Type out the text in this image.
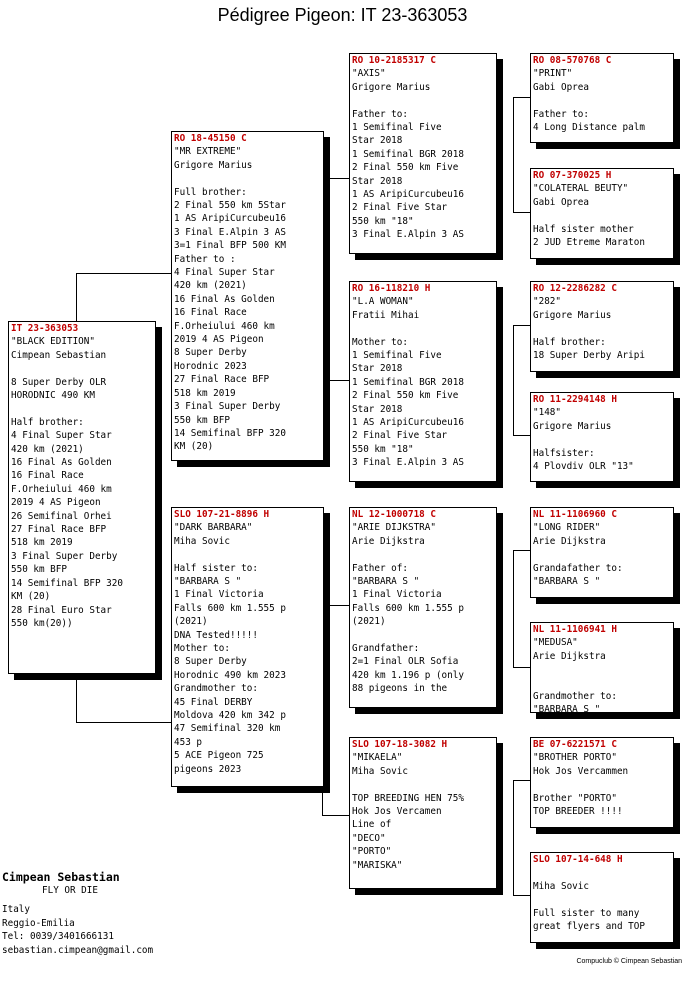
Pédigree Pigeon: IT 23-363053
IT 23-363053
"BLACK EDITION"
Cimpean Sebastian
8 Super Derby OLR
HORODNIC 490 KM

Half brother:
4 Final Super Star
420 km (2021)
16 Final As Golden
16 Final Race
F.Orheiului 460 km
2019 4 AS Pigeon
26 Semifinal Orhei
27 Final Race BFP
518 km 2019
3 Final Super Derby
550 km BFP
14 Semifinal BFP 320
KM (20)
28 Final Euro Star
550 km(20))
RO 18-45150 C
"MR EXTREME"
Grigore Marius
Full brother:
2 Final 550 km 5Star
1 AS AripiCurcubeu16
3 Final E.Alpin 3 AS
3=1 Final BFP 500 KM
Father to :
4 Final Super Star
420 km (2021)
16 Final As Golden
16 Final Race
F.Orheiului 460 km
2019 4 AS Pigeon
8 Super Derby
Horodnic 2023
27 Final Race BFP
518 km 2019
3 Final Super Derby
550 km BFP
14 Semifinal BFP 320
KM (20)
SLO 107-21-8896 H
"DARK BARBARA"
Miha Sovic
Half sister to:
"BARBARA S "
1 Final Victoria
Falls 600 km 1.555 p
(2021)
DNA Tested!!!!!
Mother to:
8 Super Derby
Horodnic 490 km 2023
Grandmother to:
45 Final DERBY
Moldova 420 km 342 p
47 Semifinal 320 km
453 p
5 ACE Pigeon 725
pigeons 2023
RO 10-2185317 C
"AXIS"
Grigore Marius
Father to:
1 Semifinal Five
Star 2018
1 Semifinal BGR 2018
2 Final 550 km Five
Star 2018
1 AS AripiCurcubeu16
2 Final Five Star
550 km "18"
3 Final E.Alpin 3 AS
RO 16-118210 H
"L.A WOMAN"
Fratii Mihai
Mother to:
1 Semifinal Five
Star 2018
1 Semifinal BGR 2018
2 Final 550 km Five
Star 2018
1 AS AripiCurcubeu16
2 Final Five Star
550 km "18"
3 Final E.Alpin 3 AS
NL 12-1000718 C
"ARIE DIJKSTRA"
Arie Dijkstra
Father of:
"BARBARA S "
1 Final Victoria
Falls 600 km 1.555 p
(2021)

Grandfather:
2=1 Final OLR Sofia
420 km 1.196 p (only
88 pigeons in the
SLO 107-18-3082 H
"MIKAELA"
Miha Sovic
TOP BREEDING HEN 75%
Hok Jos Vercamen
Line of
"DECO"
"PORTO"
"MARISKA"
RO 08-570768 C
"PRINT"
Gabi Oprea
Father to:
4 Long Distance palm
RO 07-370025 H
"COLATERAL BEUTY"
Gabi Oprea
Half sister mother
2 JUD Etreme Maraton
RO 12-2286282 C
"282"
Grigore Marius
Half brother:
18 Super Derby Aripi
RO 11-2294148 H
"148"
Grigore Marius
Halfsister:
4 Plovdiv OLR "13"
NL 11-1106960 C
"LONG RIDER"
Arie Dijkstra
Grandafather to:
"BARBARA S "
NL 11-1106941 H
"MEDUSA"
Arie Dijkstra

Grandmother to:
"BARBARA S "
BE 07-6221571 C
"BROTHER PORTO"
Hok Jos Vercammen
Brother "PORTO"
TOP BREEDER !!!!
SLO 107-14-648 H
Miha Sovic
Full sister to many
great flyers and TOP
Cimpean Sebastian
FLY OR DIE
Italy
Reggio-Emilia
Tel: 0039/3401666131
sebastian.cimpean@gmail.com
Compuclub © Cimpean Sebastian
